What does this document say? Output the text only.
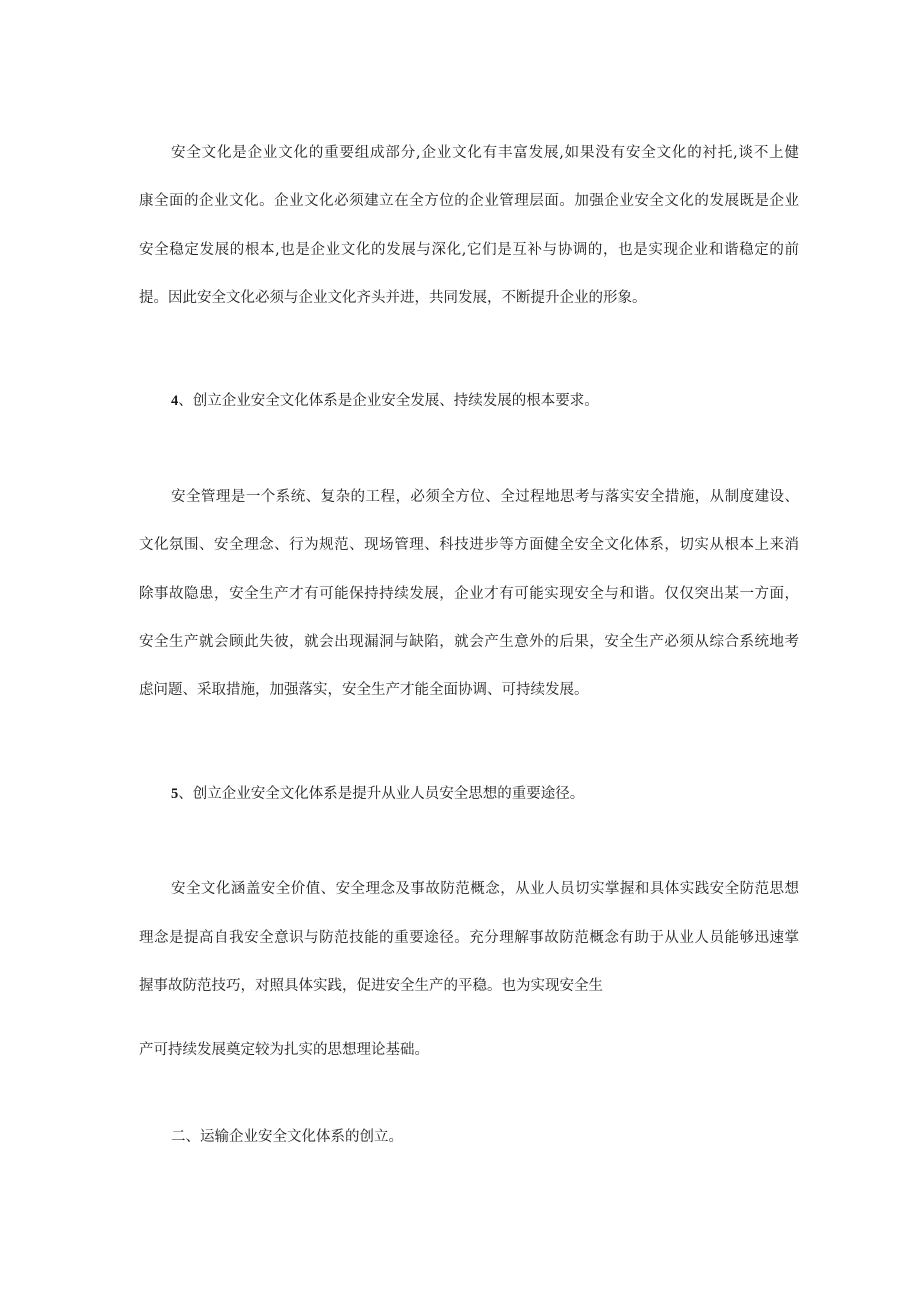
安全文化是企业文化的重要组成部分,企业文化有丰富发展,如果没有安全文化的衬托,谈不上健
康全面的企业文化。企业文化必须建立在全方位的企业管理层面。加强企业安全文化的发展既是企业
安全稳定发展的根本,也是企业文化的发展与深化,它们是互补与协调的，也是实现企业和谐稳定的前
提。因此安全文化必须与企业文化齐头并进，共同发展，不断提升企业的形象。
4、创立企业安全文化体系是企业安全发展、持续发展的根本要求。
安全管理是一个系统、复杂的工程，必须全方位、全过程地思考与落实安全措施，从制度建设、
文化氛围、安全理念、行为规范、现场管理、科技进步等方面健全安全文化体系，切实从根本上来消
除事故隐患，安全生产才有可能保持持续发展，企业才有可能实现安全与和谐。仅仅突出某一方面，
安全生产就会顾此失彼，就会出现漏洞与缺陷，就会产生意外的后果，安全生产必须从综合系统地考
虑问题、采取措施，加强落实，安全生产才能全面协调、可持续发展。
5、创立企业安全文化体系是提升从业人员安全思想的重要途径。
安全文化涵盖安全价值、安全理念及事故防范概念，从业人员切实掌握和具体实践安全防范思想
理念是提高自我安全意识与防范技能的重要途径。充分理解事故防范概念有助于从业人员能够迅速掌
握事故防范技巧，对照具体实践，促进安全生产的平稳。也为实现安全生
产可持续发展奠定较为扎实的思想理论基础。
二、运输企业安全文化体系的创立。
